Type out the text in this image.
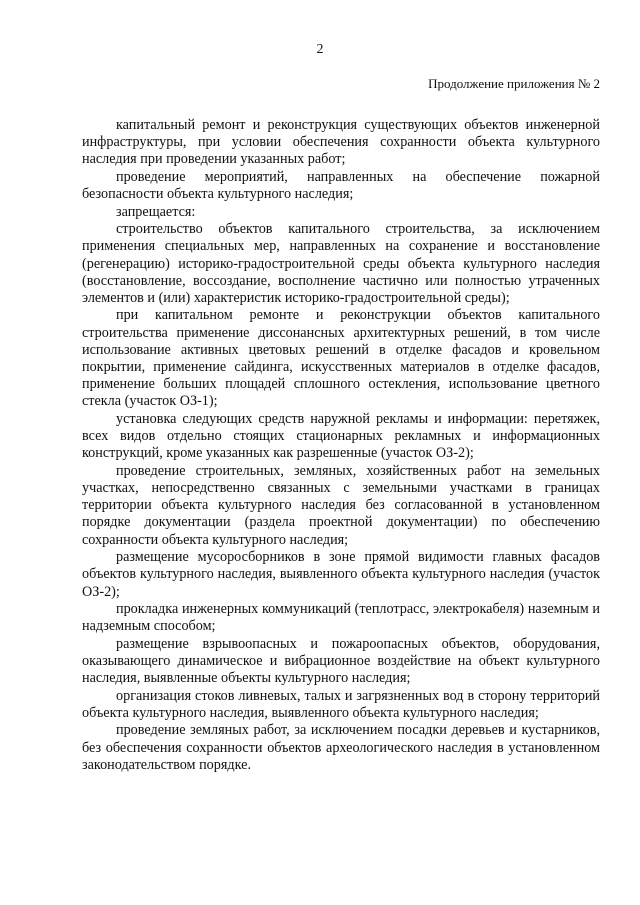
2
Продолжение приложения № 2

капитальный ремонт и реконструкция существующих объектов инженерной инфраструктуры, при условии обеспечения сохранности объекта культурного наследия при проведении указанных работ;

проведение мероприятий, направленных на обеспечение пожарной безопасности объекта культурного наследия;

запрещается:

строительство объектов капитального строительства, за исключением применения специальных мер, направленных на сохранение и восстановление (регенерацию) историко-градостроительной среды объекта культурного наследия (восстановление, воссоздание, восполнение частично или полностью утраченных элементов и (или) характеристик историко-градостроительной среды);

при капитальном ремонте и реконструкции объектов капитального строительства применение диссонансных архитектурных решений, в том числе использование активных цветовых решений в отделке фасадов и кровельном покрытии, применение сайдинга, искусственных материалов в отделке фасадов, применение больших площадей сплошного остекления, использование цветного стекла (участок ОЗ-1);

установка следующих средств наружной рекламы и информации: перетяжек, всех видов отдельно стоящих стационарных рекламных и информационных конструкций, кроме указанных как разрешенные (участок ОЗ-2);

проведение строительных, земляных, хозяйственных работ на земельных участках, непосредственно связанных с земельными участками в границах территории объекта культурного наследия без согласованной в установленном порядке документации (раздела проектной документации) по обеспечению сохранности объекта культурного наследия;

размещение мусоросборников в зоне прямой видимости главных фасадов объектов культурного наследия, выявленного объекта культурного наследия (участок ОЗ-2);

прокладка инженерных коммуникаций (теплотрасс, электрокабеля) наземным и надземным способом;

размещение взрывоопасных и пожароопасных объектов, оборудования, оказывающего динамическое и вибрационное воздействие на объект культурного наследия, выявленные объекты культурного наследия;

организация стоков ливневых, талых и загрязненных вод в сторону территорий объекта культурного наследия, выявленного объекта культурного наследия;

проведение земляных работ, за исключением посадки деревьев и кустарников, без обеспечения сохранности объектов археологического наследия в установленном законодательством порядке.
